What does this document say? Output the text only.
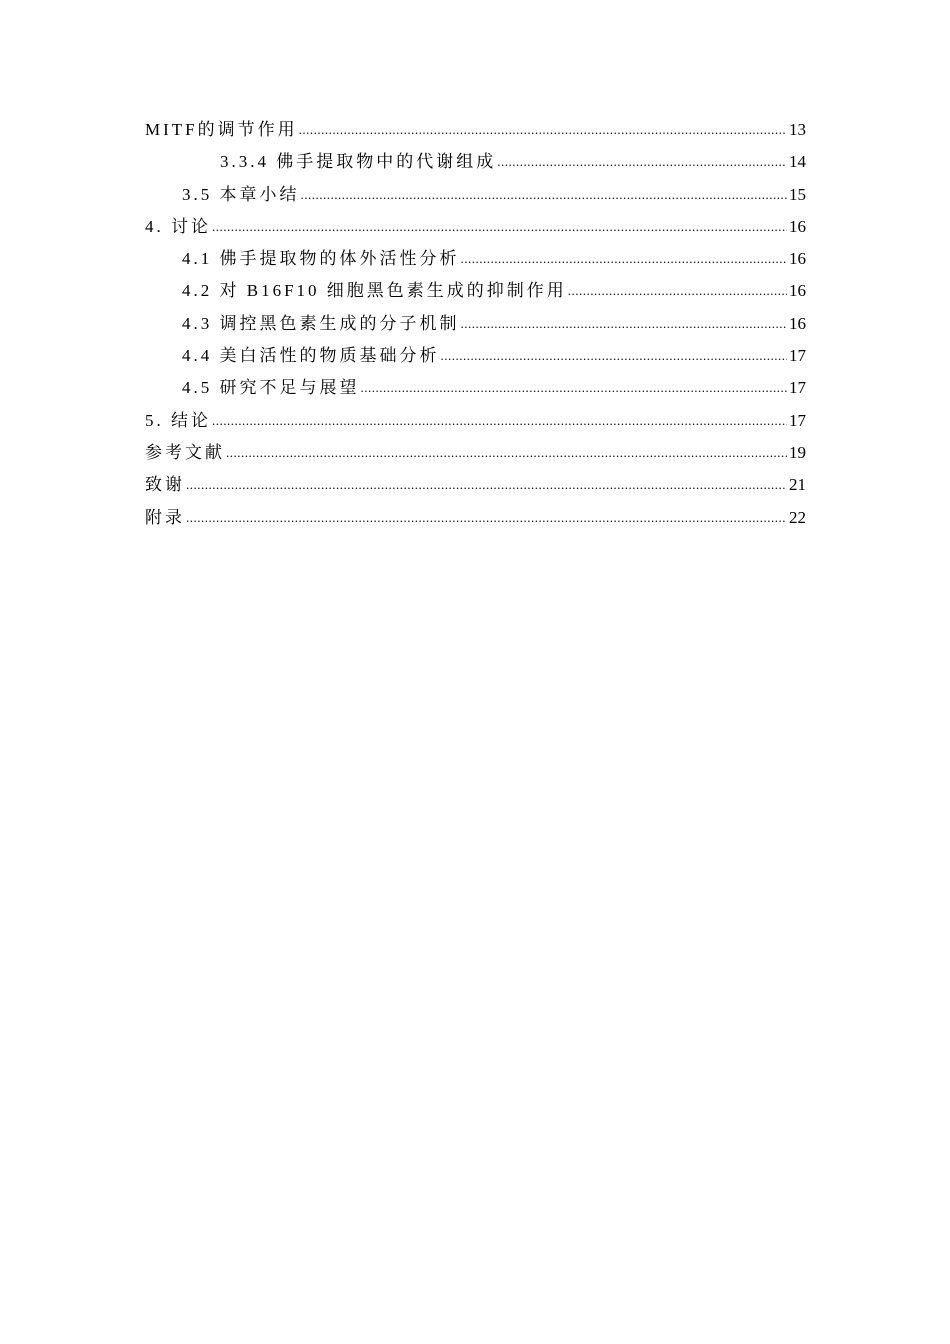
MITF的调节作用 .....	13
3.3.4 佛手提取物中的代谢组成 .....	14
3.5 本章小结 .....	15
4. 讨论 .....	16
4.1 佛手提取物的体外活性分析 .....	16
4.2 对 B16F10 细胞黑色素生成的抑制作用 .....	16
4.3 调控黑色素生成的分子机制 .....	16
4.4 美白活性的物质基础分析 .....	17
4.5 研究不足与展望 .....	17
5. 结论 .....	17
参考文献 .....	19
致谢 .....	21
附录 .....	22
